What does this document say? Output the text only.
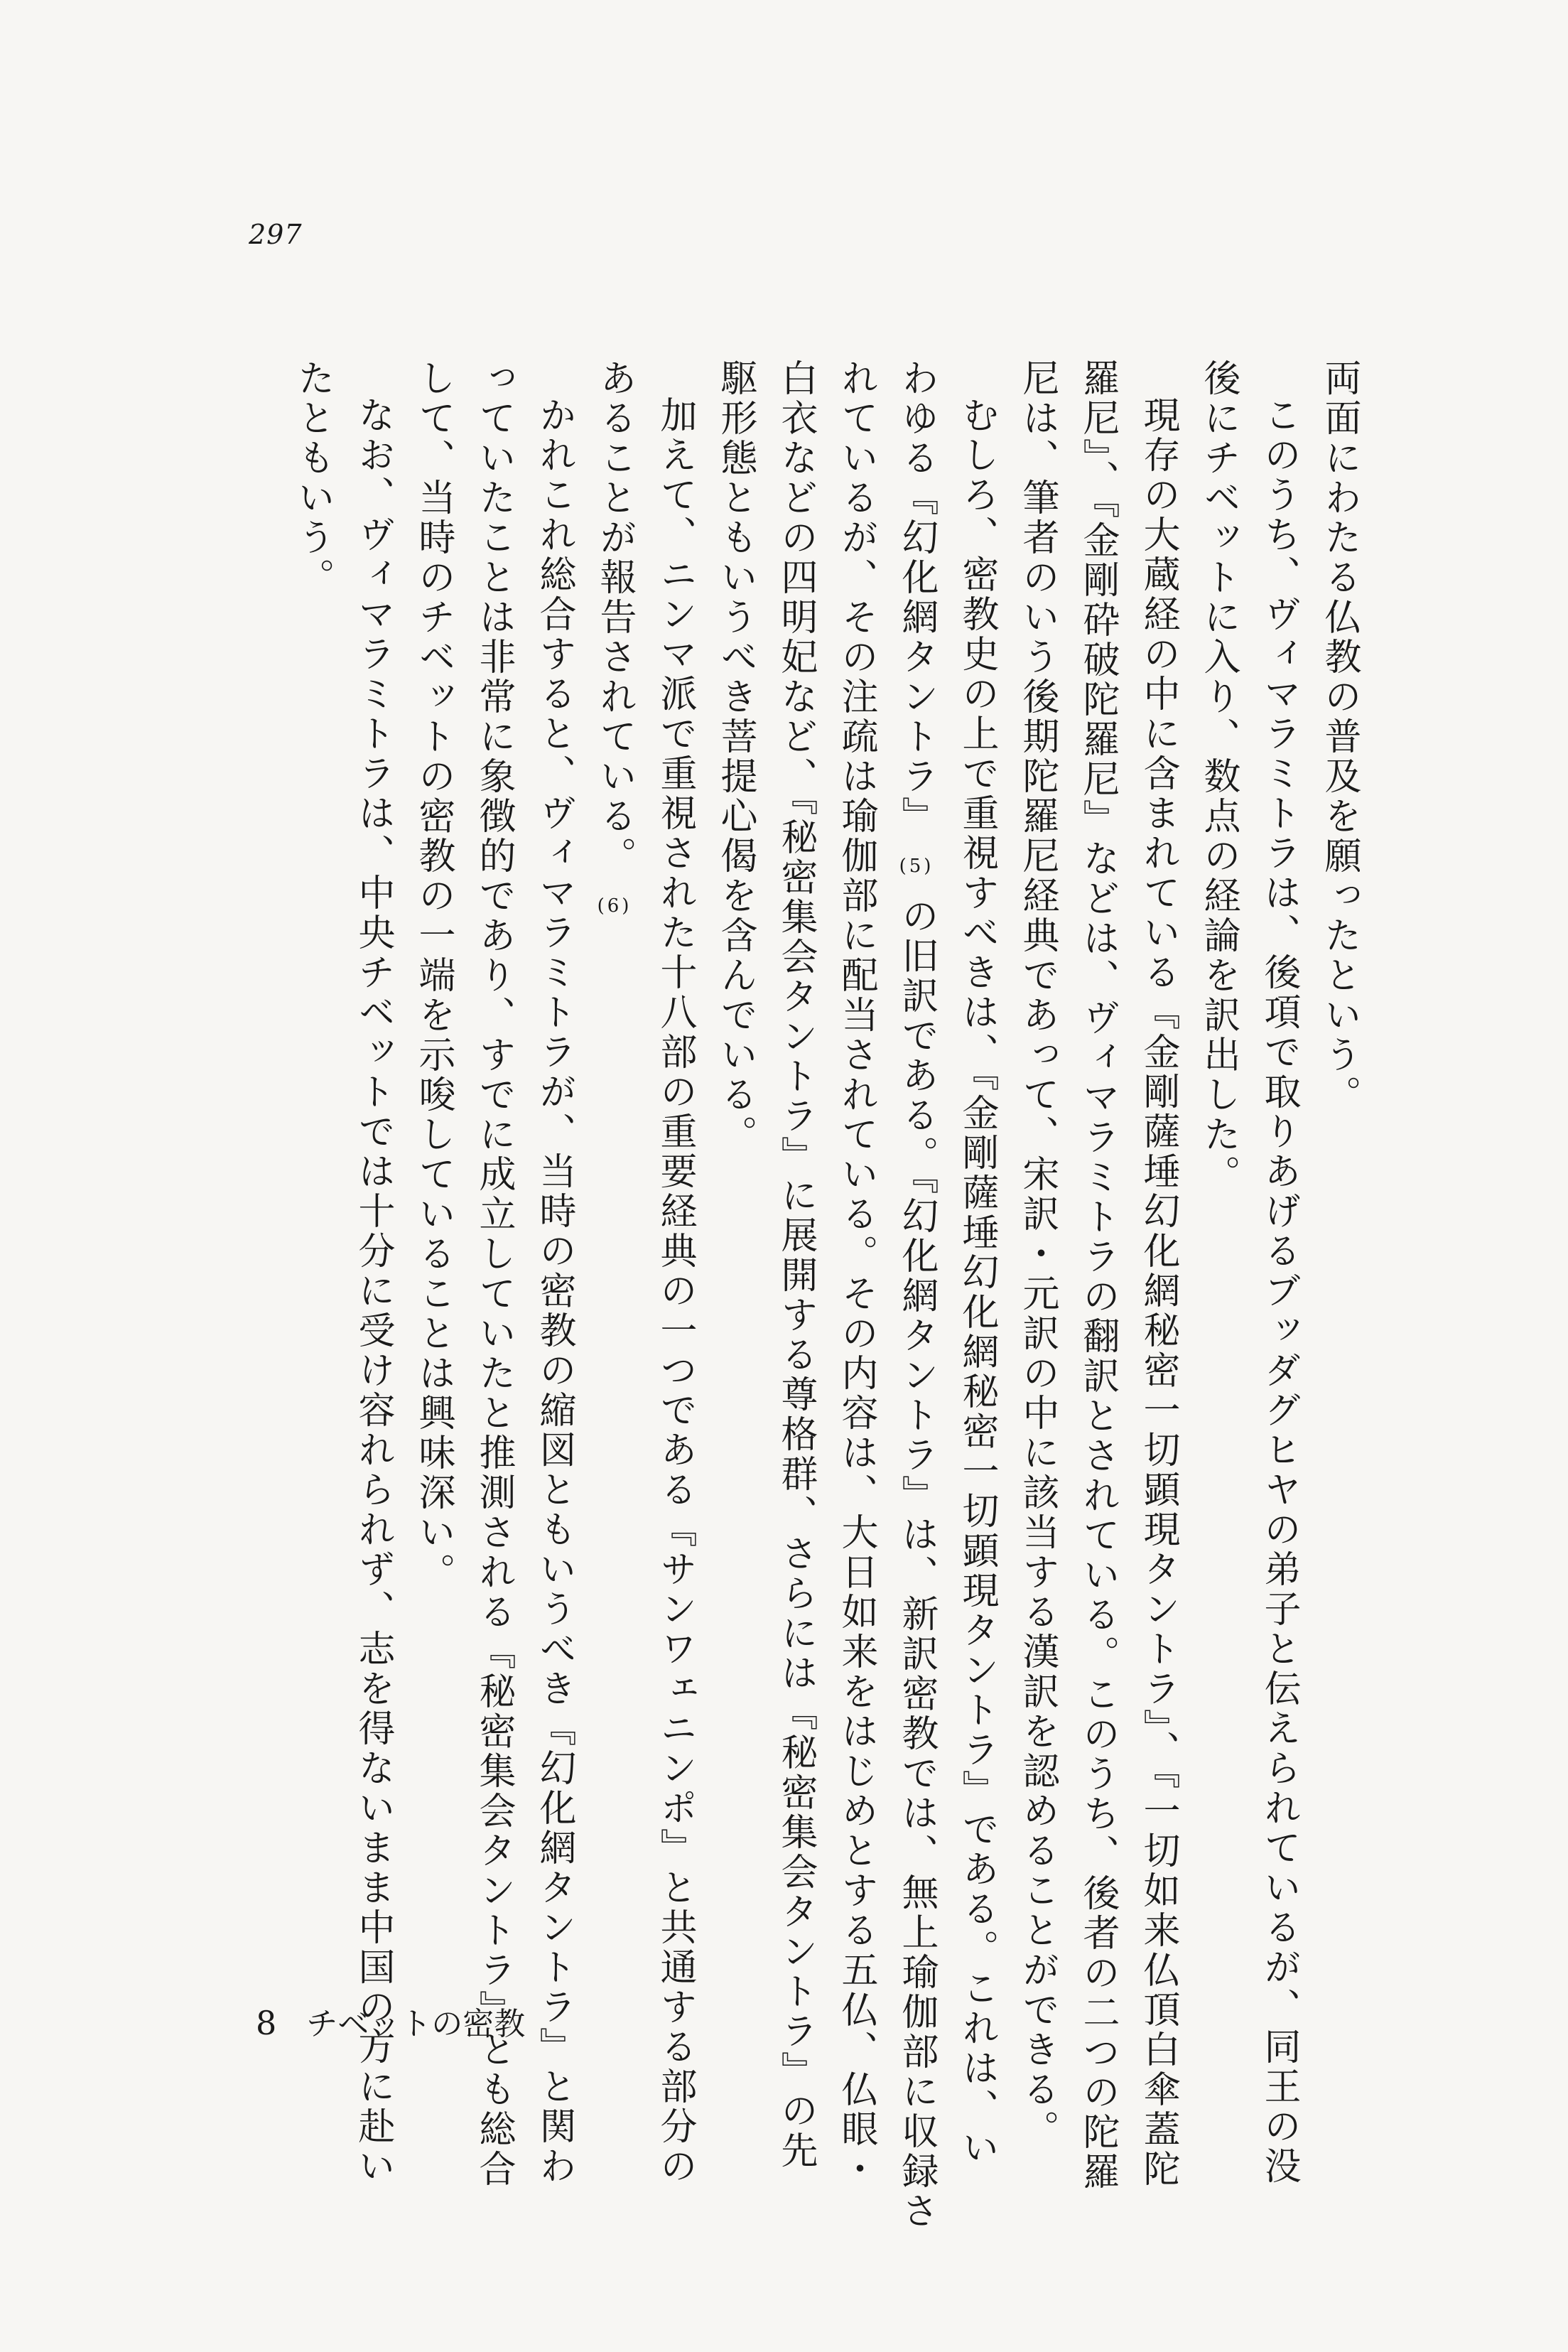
297

両面にわたる仏教の普及を願ったという。

このうち、ヴィマラミトラは、後項で取りあげるブッダグヒヤの弟子と伝えられているが、同王の没

後にチベットに入り、数点の経論を訳出した。

現存の大蔵経の中に含まれている『金剛薩埵幻化網秘密一切顕現タントラ』、『一切如来仏頂白傘蓋陀

羅尼』、『金剛砕破陀羅尼』などは、ヴィマラミトラの翻訳とされている。このうち、後者の二つの陀羅

尼は、筆者のいう後期陀羅尼経典であって、宋訳・元訳の中に該当する漢訳を認めることができる。

むしろ、密教史の上で重視すべきは、『金剛薩埵幻化網秘密一切顕現タントラ』である。これは、い

わゆる『幻化網タントラ』(5)の旧訳である。『幻化網タントラ』は、新訳密教では、無上瑜伽部に収録さ

れているが、その注疏は瑜伽部に配当されている。その内容は、大日如来をはじめとする五仏、仏眼・

白衣などの四明妃など、『秘密集会タントラ』に展開する尊格群、さらには『秘密集会タントラ』の先

駆形態ともいうべき菩提心偈を含んでいる。

加えて、ニンマ派で重視された十八部の重要経典の一つである『サンワェニンポ』と共通する部分の

あることが報告されている。(6)

かれこれ総合すると、ヴィマラミトラが、当時の密教の縮図ともいうべき『幻化網タントラ』と関わ

っていたことは非常に象徴的であり、すでに成立していたと推測される『秘密集会タントラ』とも総合

して、当時のチベットの密教の一端を示唆していることは興味深い。

なお、ヴィマラミトラは、中央チベットでは十分に受け容れられず、志を得ないまま中国の方に赴い

たともいう。

8 チベットの密教
